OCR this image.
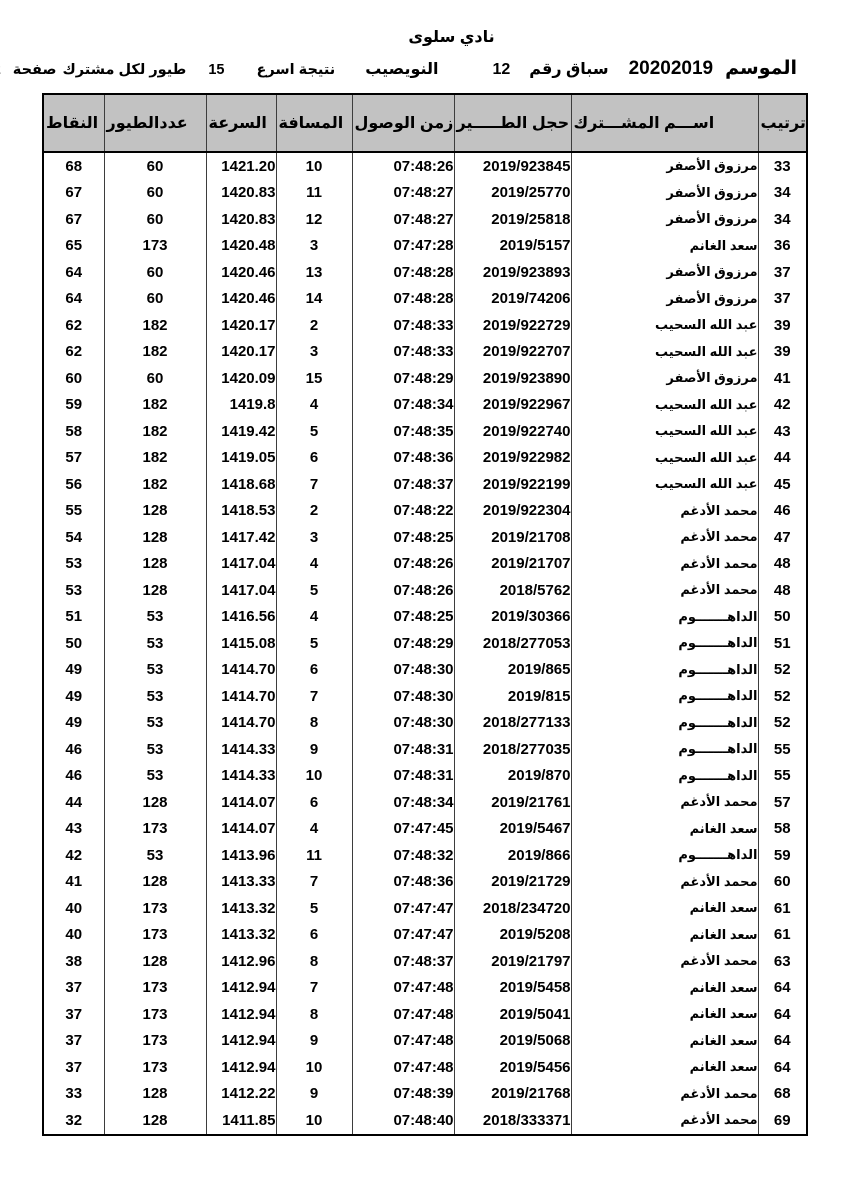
نادي سلوى
الموسم
20202019
سباق رقم
12
النويصيب
نتيجة اسرع
15
طيور لكل مشترك
صفحة
ترتيب	اســـم المشـــترك	حجل الطـــــير	زمن الوصول	المسافة	السرعة	عددالطيور	النقاط

33	مرزوق الأصفر	2019/923845	07:48:26	10	1421.20	60	68
34	مرزوق الأصفر	2019/25770	07:48:27	11	1420.83	60	67
34	مرزوق الأصفر	2019/25818	07:48:27	12	1420.83	60	67
36	سعد الغانم	2019/5157	07:47:28	3	1420.48	173	65
37	مرزوق الأصفر	2019/923893	07:48:28	13	1420.46	60	64
37	مرزوق الأصفر	2019/74206	07:48:28	14	1420.46	60	64
39	عبد الله السحيب	2019/922729	07:48:33	2	1420.17	182	62
39	عبد الله السحيب	2019/922707	07:48:33	3	1420.17	182	62
41	مرزوق الأصفر	2019/923890	07:48:29	15	1420.09	60	60
42	عبد الله السحيب	2019/922967	07:48:34	4	1419.8	182	59
43	عبد الله السحيب	2019/922740	07:48:35	5	1419.42	182	58
44	عبد الله السحيب	2019/922982	07:48:36	6	1419.05	182	57
45	عبد الله السحيب	2019/922199	07:48:37	7	1418.68	182	56
46	محمد الأدغم	2019/922304	07:48:22	2	1418.53	128	55
47	محمد الأدغم	2019/21708	07:48:25	3	1417.42	128	54
48	محمد الأدغم	2019/21707	07:48:26	4	1417.04	128	53
48	محمد الأدغم	2018/5762	07:48:26	5	1417.04	128	53
50	الداهـــــــوم	2019/30366	07:48:25	4	1416.56	53	51
51	الداهـــــــوم	2018/277053	07:48:29	5	1415.08	53	50
52	الداهـــــــوم	2019/865	07:48:30	6	1414.70	53	49
52	الداهـــــــوم	2019/815	07:48:30	7	1414.70	53	49
52	الداهـــــــوم	2018/277133	07:48:30	8	1414.70	53	49
55	الداهـــــــوم	2018/277035	07:48:31	9	1414.33	53	46
55	الداهـــــــوم	2019/870	07:48:31	10	1414.33	53	46
57	محمد الأدغم	2019/21761	07:48:34	6	1414.07	128	44
58	سعد الغانم	2019/5467	07:47:45	4	1414.07	173	43
59	الداهـــــــوم	2019/866	07:48:32	11	1413.96	53	42
60	محمد الأدغم	2019/21729	07:48:36	7	1413.33	128	41
61	سعد الغانم	2018/234720	07:47:47	5	1413.32	173	40
61	سعد الغانم	2019/5208	07:47:47	6	1413.32	173	40
63	محمد الأدغم	2019/21797	07:48:37	8	1412.96	128	38
64	سعد الغانم	2019/5458	07:47:48	7	1412.94	173	37
64	سعد الغانم	2019/5041	07:47:48	8	1412.94	173	37
64	سعد الغانم	2019/5068	07:47:48	9	1412.94	173	37
64	سعد الغانم	2019/5456	07:47:48	10	1412.94	173	37
68	محمد الأدغم	2019/21768	07:48:39	9	1412.22	128	33
69	محمد الأدغم	2018/333371	07:48:40	10	1411.85	128	32
